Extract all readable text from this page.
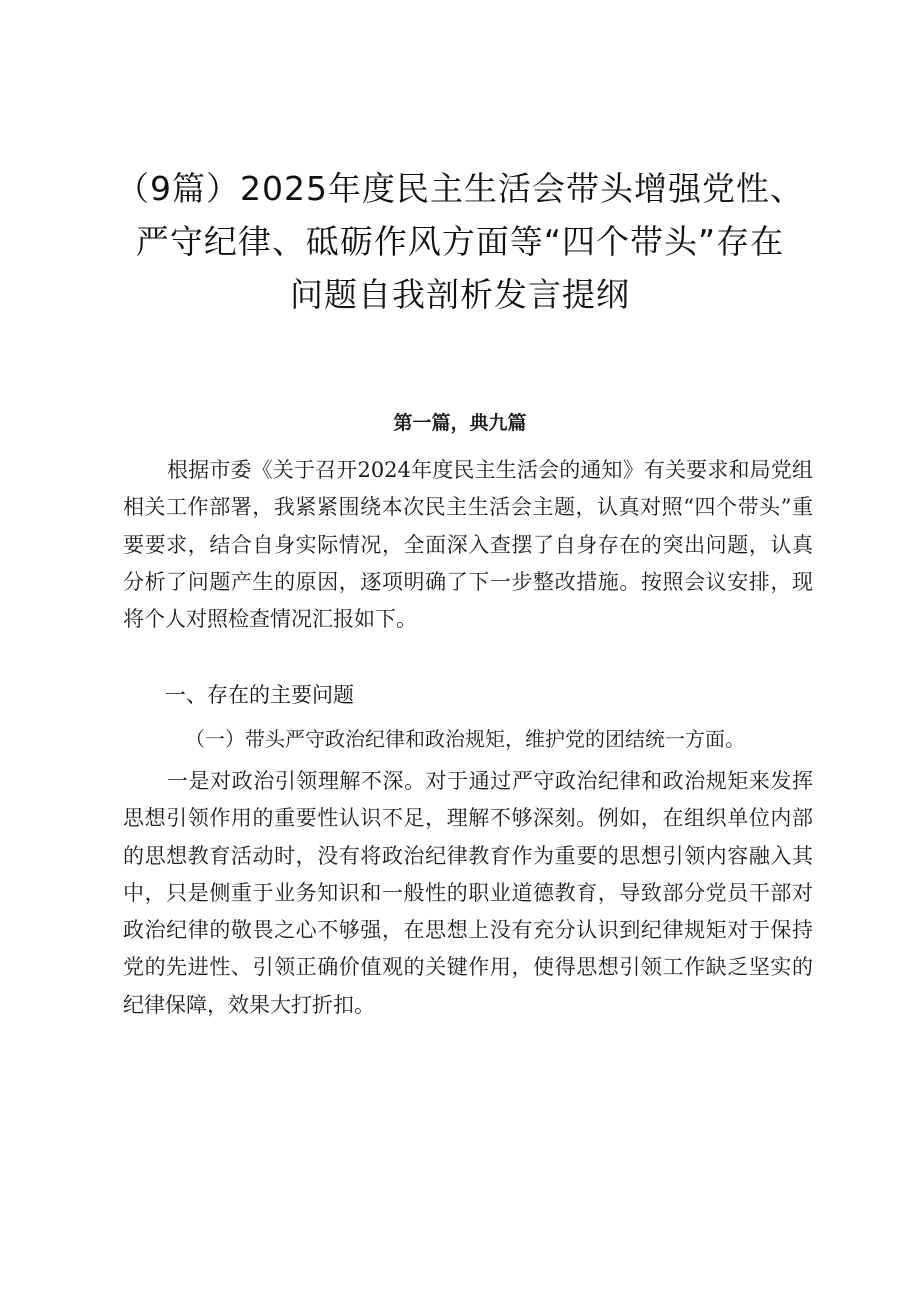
（9篇）2025年度民主生活会带头增强党性、
严守纪律、砥砺作风方面等“四个带头”存在
问题自我剖析发言提纲
第一篇，典九篇

根据市委《关于召开2024年度民主生活会的通知》有关要求和局党组相关工作部署，我紧紧围绕本次民主生活会主题，认真对照“四个带头”重要要求，结合自身实际情况，全面深入查摆了自身存在的突出问题，认真分析了问题产生的原因，逐项明确了下一步整改措施。按照会议安排，现将个人对照检查情况汇报如下。

一、存在的主要问题

（一）带头严守政治纪律和政治规矩，维护党的团结统一方面。

一是对政治引领理解不深。对于通过严守政治纪律和政治规矩来发挥思想引领作用的重要性认识不足，理解不够深刻。例如，在组织单位内部的思想教育活动时，没有将政治纪律教育作为重要的思想引领内容融入其中，只是侧重于业务知识和一般性的职业道德教育，导致部分党员干部对政治纪律的敬畏之心不够强，在思想上没有充分认识到纪律规矩对于保持党的先进性、引领正确价值观的关键作用，使得思想引领工作缺乏坚实的纪律保障，效果大打折扣。
